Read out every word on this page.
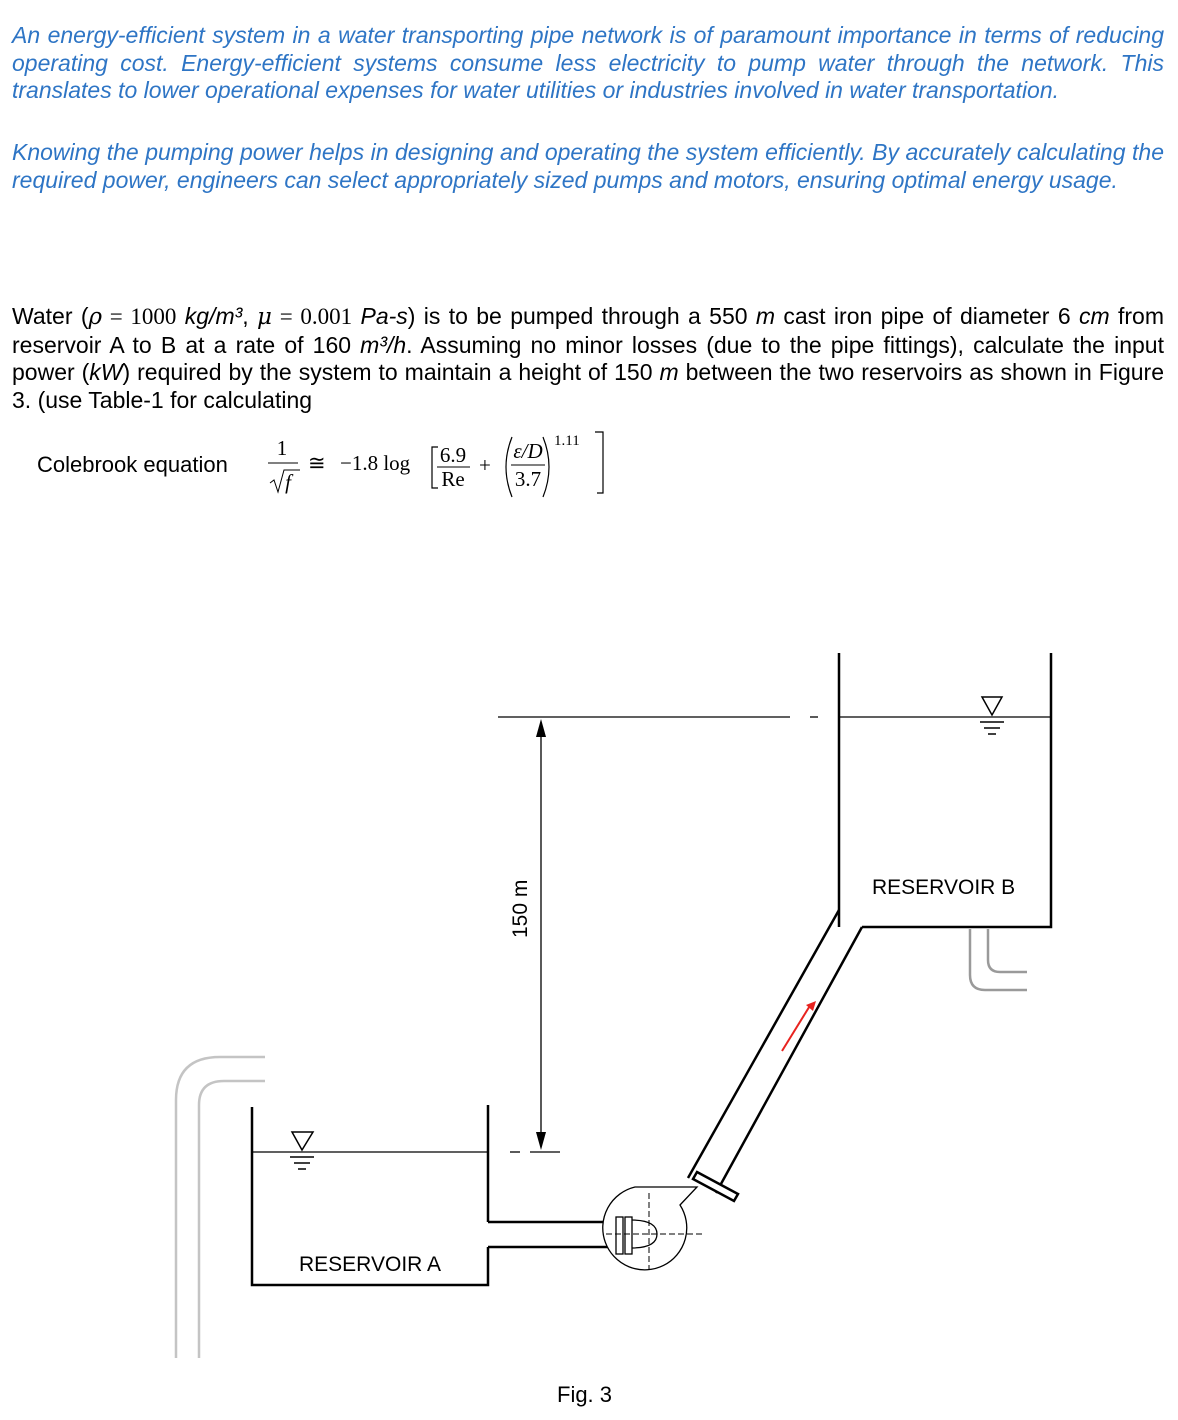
An energy-efficient system in a water transporting pipe network is of paramount importance in terms of reducing operating cost. Energy-efficient systems consume less electricity to pump water through the network. This translates to lower operational expenses for water utilities or industries involved in water transportation.

Knowing the pumping power helps in designing and operating the system efficiently. By accurately calculating the required power, engineers can select appropriately sized pumps and motors, ensuring optimal energy usage.

Water (ρ = 1000 kg/m³, μ = 0.001 Pa-s) is to be pumped through a 550 m cast iron pipe of diameter 6 cm from reservoir A to B at a rate of 160 m³/h. Assuming no minor losses (due to the pipe fittings), calculate the input power (kW) required by the system to maintain a height of 150 m between the two reservoirs as shown in Figure 3. (use Table-1 for calculating

Colebrook equation
1
f
≅ −1.8 log 6.9
Re
+
ε/D
3.7
1.11
RESERVOIR A
RESERVOIR B
150 m
Fig. 3
